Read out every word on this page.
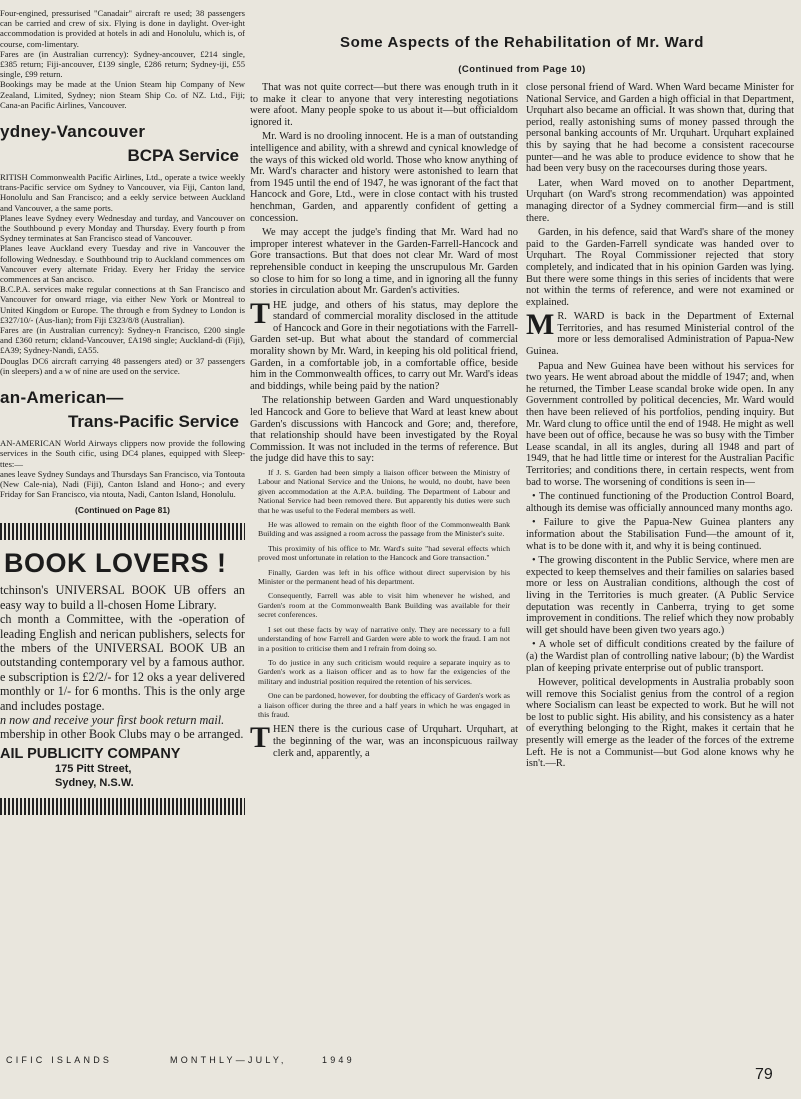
Four-engined, pressurised "Canadair" aircraft re used; 38 passengers can be carried and crew of six. Flying is done in daylight. Over-ight accommodation is provided at hotels in adi and Honolulu, which is, of course, com-limentary.

Fares are (in Australian currency): Sydney-ancouver, £214 single, £385 return; Fiji-ancouver, £139 single, £286 return; Sydney-iji, £55 single, £99 return.

Bookings may be made at the Union Steam hip Company of New Zealand, Limited, Sydney; nion Steam Ship Co. of NZ. Ltd., Fiji; Cana-an Pacific Airlines, Vancouver.

ydney-Vancouver
BCPA Service

RITISH Commonwealth Pacific Airlines, Ltd., operate a twice weekly trans-Pacific service om Sydney to Vancouver, via Fiji, Canton land, Honolulu and San Francisco; and a eekly service between Auckland and Vancouver, a the same ports.

Planes leave Sydney every Wednesday and turday, and Vancouver on the Southbound p every Monday and Thursday. Every fourth p from Sydney terminates at San Francisco stead of Vancouver.

Planes leave Auckland every Tuesday and rive in Vancouver the following Wednesday. e Southbound trip to Auckland commences om Vancouver every alternate Friday. Every her Friday the service commences at San ancisco.

B.C.P.A. services make regular connections at th San Francisco and Vancouver for onward rriage, via either New York or Montreal to United Kingdom or Europe. The through e from Sydney to London is £327/10/- (Aus-lian); from Fiji £323/8/8 (Australian).

Fares are (in Australian currency): Sydney-n Francisco, £200 single and £360 return; ckland-Vancouver, £A198 single; Auckland-di (Fiji), £A39; Sydney-Nandi, £A55.

Douglas DC6 aircraft carrying 48 passengers ated) or 37 passengers (in sleepers) and a w of nine are used on the service.

an-American—
Trans-Pacific Service

AN-AMERICAN World Airways clippers now provide the following services in the South cific, using DC4 planes, equipped with Sleep-ttes:—

anes leave Sydney Sundays and Thursdays San Francisco, via Tontouta (New Cale-nia), Nadi (Fiji), Canton Island and Hono-; and every Friday for San Francisco, via ntouta, Nadi, Canton Island, Honolulu.

(Continued on Page 81)
BOOK LOVERS !

tchinson's UNIVERSAL BOOK UB offers an easy way to build a ll-chosen Home Library.

ch month a Committee, with the -operation of leading English and nerican publishers, selects for the mbers of the UNIVERSAL BOOK UB an outstanding contemporary vel by a famous author.

e subscription is £2/2/- for 12 oks a year delivered monthly or 1/- for 6 months. This is the only arge and includes postage.

n now and receive your first book return mail.

mbership in other Book Clubs may o be arranged.

AIL PUBLICITY COMPANY
175 Pitt Street,
Sydney, N.S.W.
Some Aspects of the Rehabilitation of Mr. Ward
(Continued from Page 10)

That was not quite correct—but there was enough truth in it to make it clear to anyone that very interesting negotiations were afoot. Many people spoke to us about it—but officialdom ignored it.

Mr. Ward is no drooling innocent. He is a man of outstanding intelligence and ability, with a shrewd and cynical knowledge of the ways of this wicked old world. Those who know anything of Mr. Ward's character and history were astonished to learn that from 1945 until the end of 1947, he was ignorant of the fact that Hancock and Gore, Ltd., were in close contact with his trusted henchman, Garden, and apparently confident of getting a concession.

We may accept the judge's finding that Mr. Ward had no improper interest whatever in the Garden-Farrell-Hancock and Gore transactions. But that does not clear Mr. Ward of most reprehensible conduct in keeping the unscrupulous Mr. Garden so close to him for so long a time, and in ignoring all the funny stories in circulation about Mr. Garden's activities.

THE judge, and others of his status, may deplore the standard of commercial morality disclosed in the attitude of Hancock and Gore in their negotiations with the Farrell-Garden set-up. But what about the standard of commercial morality shown by Mr. Ward, in keeping his old political friend, Garden, in a comfortable job, in a comfortable office, beside him in the Commonwealth offices, to carry out Mr. Ward's ideas and biddings, while being paid by the nation?

The relationship between Garden and Ward unquestionably led Hancock and Gore to believe that Ward at least knew about Garden's discussions with Hancock and Gore; and, therefore, that relationship should have been investigated by the Royal Commission. It was not included in the terms of reference. But the judge did have this to say:

If J. S. Garden had been simply a liaison officer between the Ministry of Labour and National Service and the Unions, he would, no doubt, have been given accommodation at the A.P.A. building. The Department of Labour and National Service had been removed there. But apparently his duties were such that he was useful to the Federal members as well.

He was allowed to remain on the eighth floor of the Commonwealth Bank Building and was assigned a room across the passage from the Minister's suite.

This proximity of his office to Mr. Ward's suite "had several effects which proved most unfortunate in relation to the Hancock and Gore transaction."

Finally, Garden was left in his office without direct supervision by his Minister or the permanent head of his department.

Consequently, Farrell was able to visit him whenever he wished, and Garden's room at the Commonwealth Bank Building was available for their secret conferences.

I set out these facts by way of narrative only. They are necessary to a full understanding of how Farrell and Garden were able to work the fraud. I am not in a position to criticise them and I refrain from doing so.

To do justice in any such criticism would require a separate inquiry as to Garden's work as a liaison officer and as to how far the exigencies of the military and industrial position required the retention of his services.

One can be pardoned, however, for doubting the efficacy of Garden's work as a liaison officer during the three and a half years in which he was engaged in this fraud.

THEN there is the curious case of Urquhart. Urquhart, at the beginning of the war, was an inconspicuous railway clerk and, apparently, a

close personal friend of Ward. When Ward became Minister for National Service, and Garden a high official in that Department, Urquhart also became an official. It was shown that, during that period, really astonishing sums of money passed through the personal banking accounts of Mr. Urquhart. Urquhart explained this by saying that he had become a consistent racecourse punter—and he was able to produce evidence to show that he had been very busy on the racecourses during those years.

Later, when Ward moved on to another Department, Urquhart (on Ward's strong recommendation) was appointed managing director of a Sydney commercial firm—and is still there.

Garden, in his defence, said that Ward's share of the money paid to the Garden-Farrell syndicate was handed over to Urquhart. The Royal Commissioner rejected that story completely, and indicated that in his opinion Garden was lying. But there were some things in this series of incidents that were not within the terms of reference, and were not examined or explained.

M R. WARD is back in the Department of External Territories, and has resumed Ministerial control of the more or less demoralised Administration of Papua-New Guinea.

Papua and New Guinea have been without his services for two years. He went abroad about the middle of 1947; and, when he returned, the Timber Lease scandal broke wide open. In any Government controlled by political decencies, Mr. Ward would then have been relieved of his portfolios, pending inquiry. But Mr. Ward clung to office until the end of 1948. He might as well have been out of office, because he was so busy with the Timber Lease scandal, in all its angles, during all 1948 and part of 1949, that he had little time or interest for the Australian Pacific Territories; and conditions there, in certain respects, went from bad to worse. The worsening of conditions is seen in—

• The continued functioning of the Production Control Board, although its demise was officially announced many months ago.

• Failure to give the Papua-New Guinea planters any information about the Stabilisation Fund—the amount of it, what is to be done with it, and why it is being continued.

• The growing discontent in the Public Service, where men are expected to keep themselves and their families on salaries based more or less on Australian conditions, although the cost of living in the Territories is much greater. (A Public Service deputation was recently in Canberra, trying to get some improvement in conditions. The relief which they now probably will get should have been given two years ago.)

• A whole set of difficult conditions created by the failure of (a) the Wardist plan of controlling native labour; (b) the Wardist plan of keeping private enterprise out of public transport.

However, political developments in Australia probably soon will remove this Socialist genius from the control of a region where Socialism can least be expected to work. But he will not be lost to public sight. His ability, and his consistency as a hater of everything belonging to the Right, makes it certain that he presently will emerge as the leader of the forces of the extreme Left. He is not a Communist—but God alone knows why he isn't.—R.

CIFIC ISLANDS	MONTHLY—JULY,	1949
79
